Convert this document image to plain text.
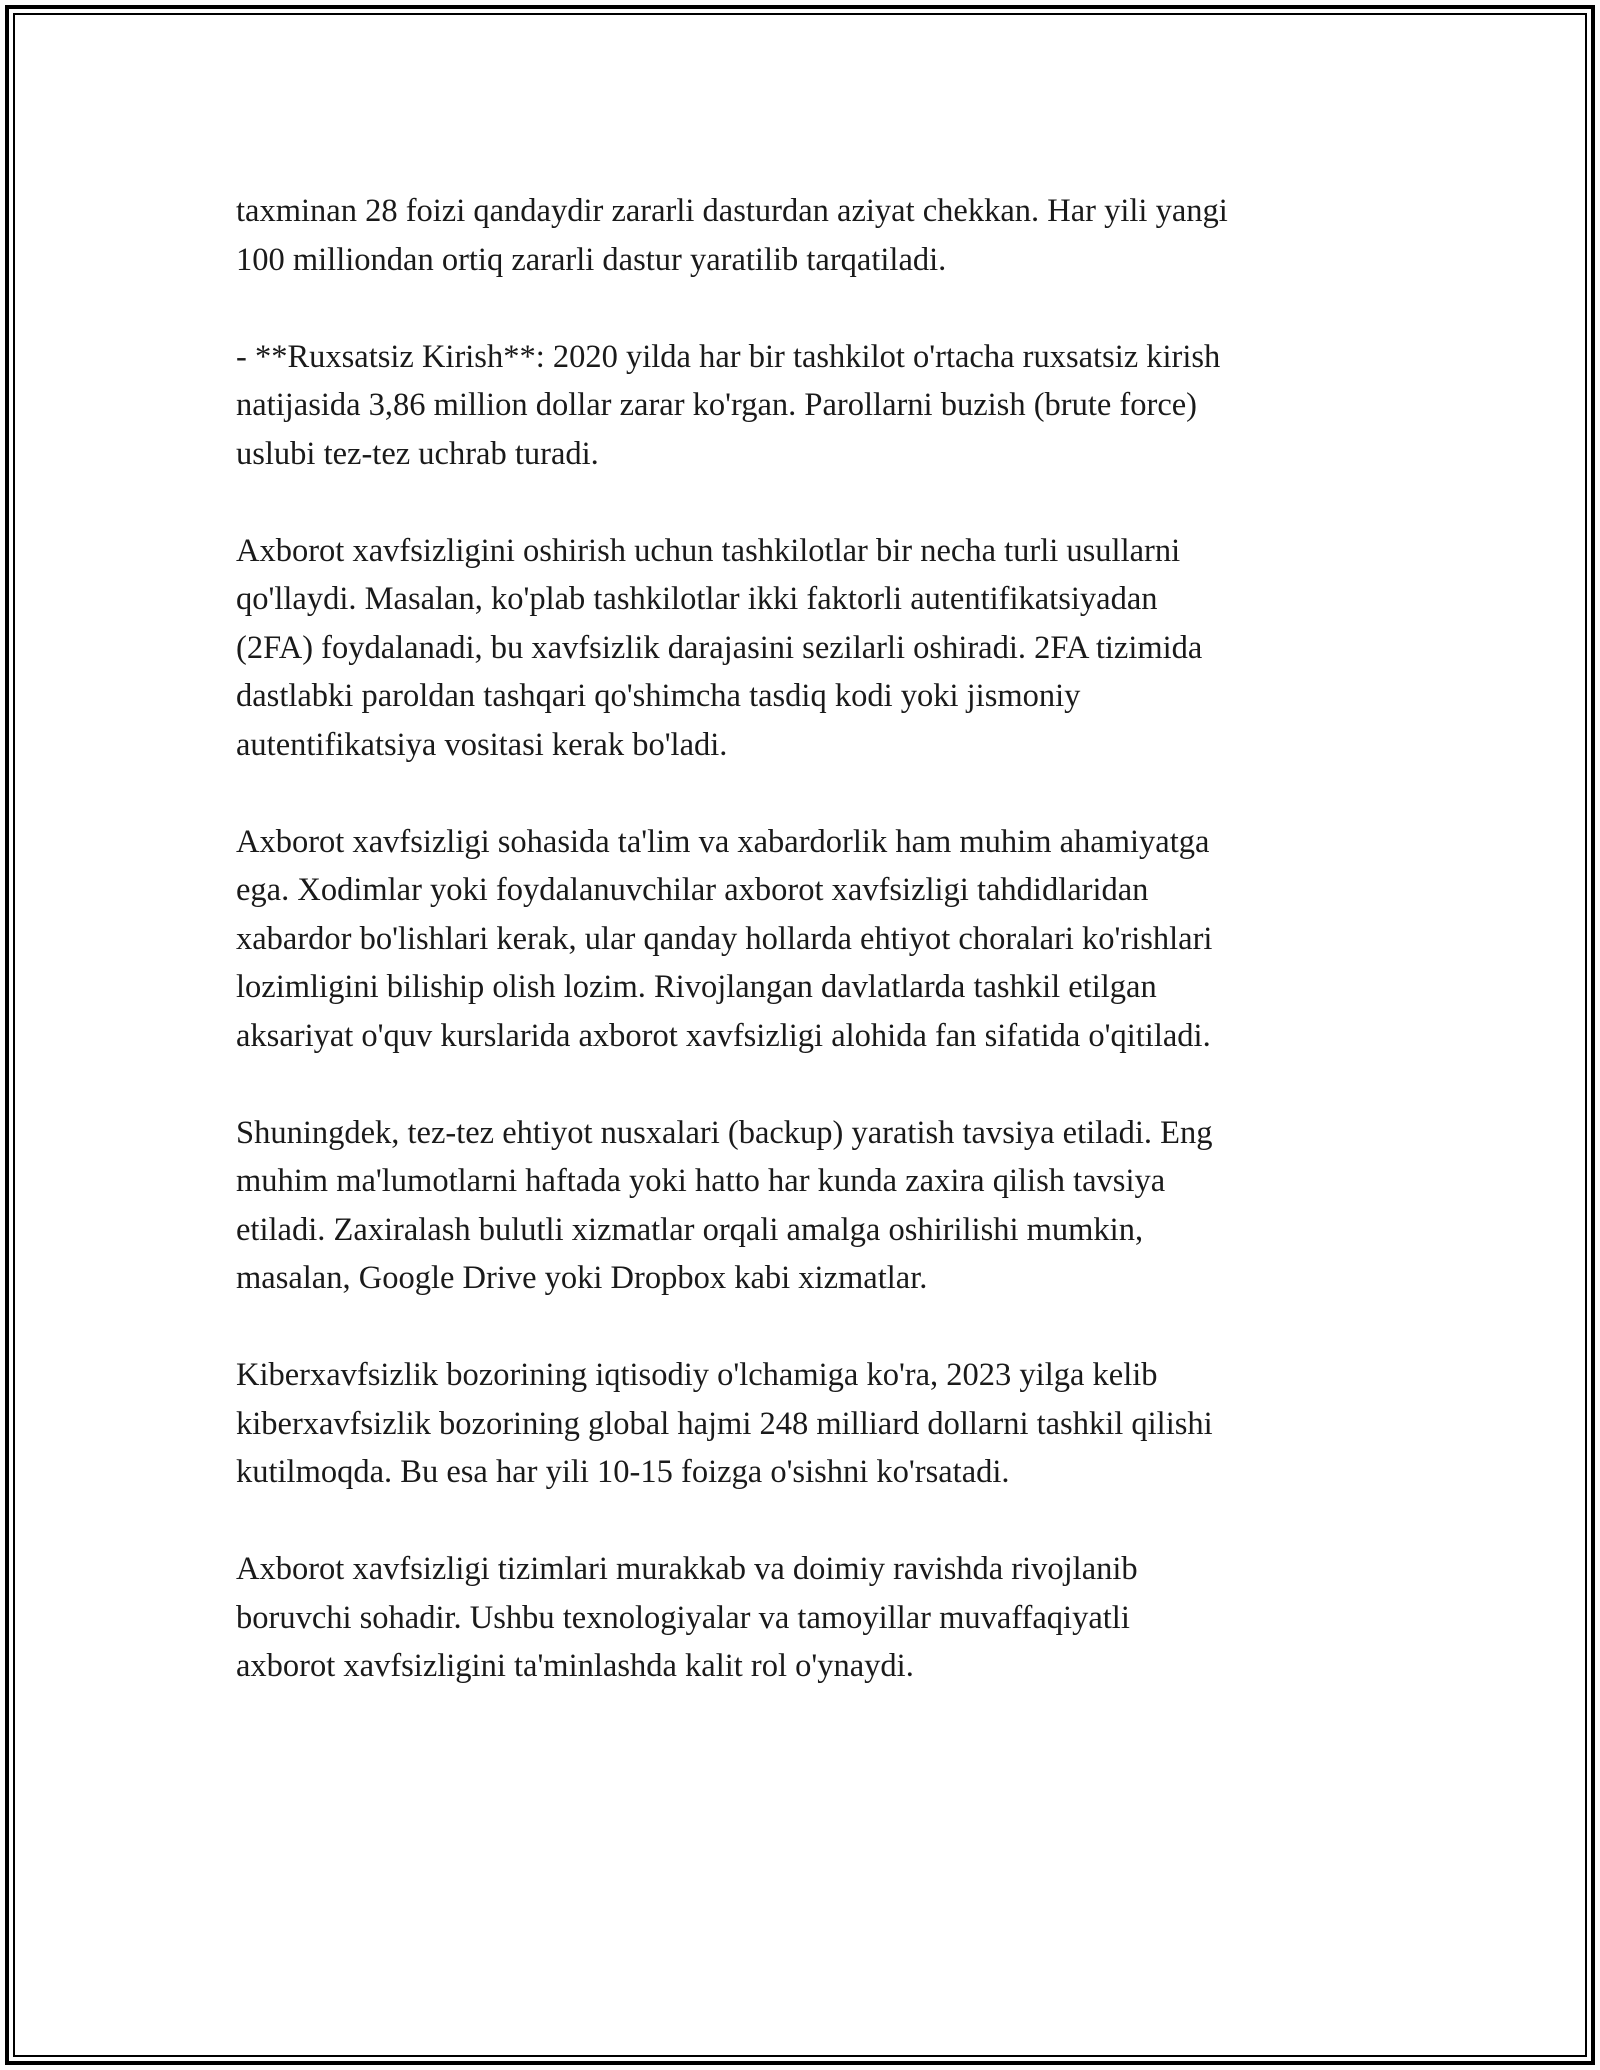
taxminan 28 foizi qandaydir zararli dasturdan aziyat chekkan. Har yili yangi
100 milliondan ortiq zararli dastur yaratilib tarqatiladi.

- **Ruxsatsiz Kirish**: 2020 yilda har bir tashkilot o'rtacha ruxsatsiz kirish
natijasida 3,86 million dollar zarar ko'rgan. Parollarni buzish (brute force)
uslubi tez-tez uchrab turadi.

Axborot xavfsizligini oshirish uchun tashkilotlar bir necha turli usullarni
qo'llaydi. Masalan, ko'plab tashkilotlar ikki faktorli autentifikatsiyadan
(2FA) foydalanadi, bu xavfsizlik darajasini sezilarli oshiradi. 2FA tizimida
dastlabki paroldan tashqari qo'shimcha tasdiq kodi yoki jismoniy
autentifikatsiya vositasi kerak bo'ladi.

Axborot xavfsizligi sohasida ta'lim va xabardorlik ham muhim ahamiyatga
ega. Xodimlar yoki foydalanuvchilar axborot xavfsizligi tahdidlaridan
xabardor bo'lishlari kerak, ular qanday hollarda ehtiyot choralari ko'rishlari
lozimligini biliship olish lozim. Rivojlangan davlatlarda tashkil etilgan
aksariyat o'quv kurslarida axborot xavfsizligi alohida fan sifatida o'qitiladi.

Shuningdek, tez-tez ehtiyot nusxalari (backup) yaratish tavsiya etiladi. Eng
muhim ma'lumotlarni haftada yoki hatto har kunda zaxira qilish tavsiya
etiladi. Zaxiralash bulutli xizmatlar orqali amalga oshirilishi mumkin,
masalan, Google Drive yoki Dropbox kabi xizmatlar.

Kiberxavfsizlik bozorining iqtisodiy o'lchamiga ko'ra, 2023 yilga kelib
kiberxavfsizlik bozorining global hajmi 248 milliard dollarni tashkil qilishi
kutilmoqda. Bu esa har yili 10-15 foizga o'sishni ko'rsatadi.

Axborot xavfsizligi tizimlari murakkab va doimiy ravishda rivojlanib
boruvchi sohadir. Ushbu texnologiyalar va tamoyillar muvaffaqiyatli
axborot xavfsizligini ta'minlashda kalit rol o'ynaydi.
